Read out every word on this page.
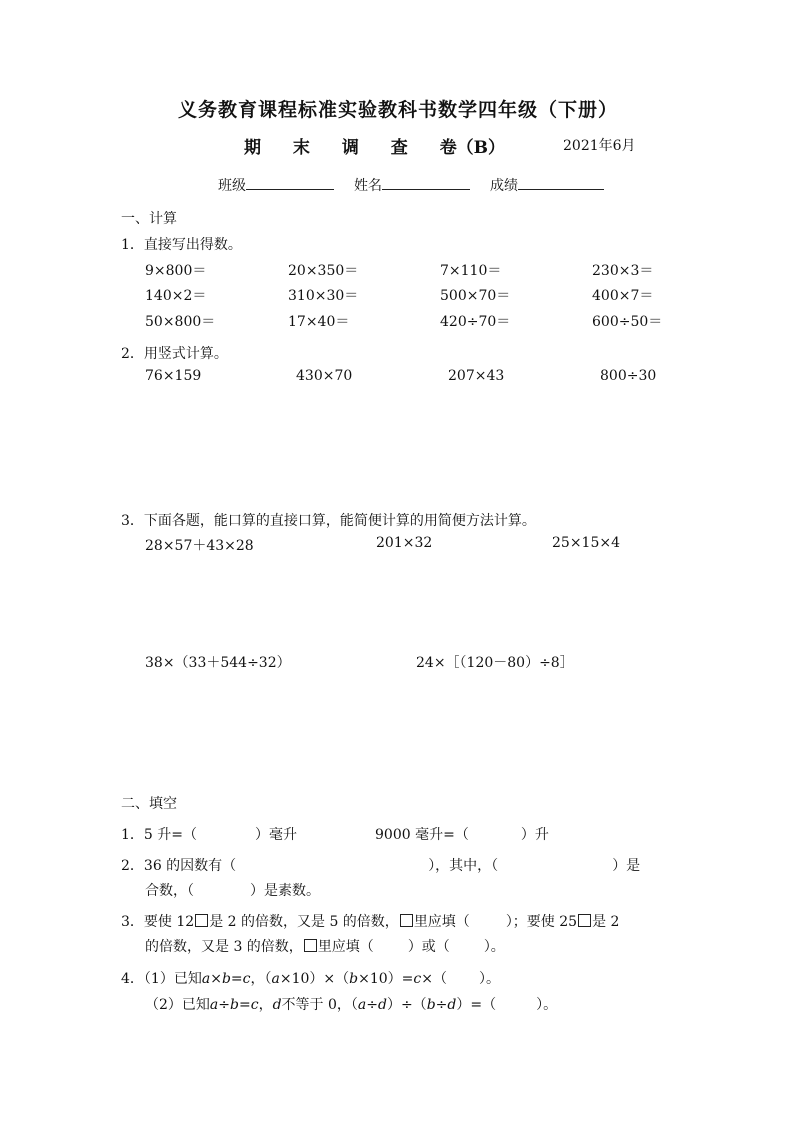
义务教育课程标准实验教科书数学四年级（下册）
期 末 调 查 卷（B）	2021年6月
班级	姓名	成绩
一、计算
1．直接写出得数。
9×800＝	20×350＝	7×110＝	230×3＝
140×2＝	310×30＝	500×70＝	400×7＝
50×800＝	17×40＝	420÷70＝	600÷50＝
2．用竖式计算。
76×159	430×70	207×43	800÷30
3．下面各题，能口算的直接口算，能简便计算的用简便方法计算。
28×57＋43×28	201×32	25×15×4
38×（33＋544÷32）	24×［（120－80）÷8］
二、填空
1．5 升=（	）毫升	9000 毫升=（	）升
2．36 的因数有（	），其中，（	）是
合数，（	）是素数。
3．要使 12 是 2 的倍数，又是 5 的倍数， 里应填（	）；要使 25 是 2
的倍数，又是 3 的倍数， 里应填（ ）或（ ）。
4．（1）已知a×b=c，（a×10）×（b×10）=c×（ ）。
（2）已知a÷b=c，d不等于 0，（a÷d）÷（b÷d）=（	）。
